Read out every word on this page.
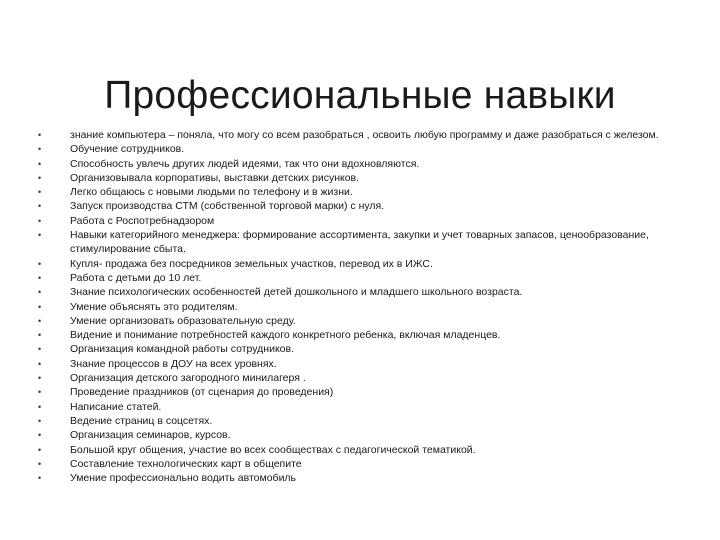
Профессиональные навыки
•	знание компьютера – поняла, что могу со всем разобраться , освоить любую программу и даже разобраться с железом.
•	Обучение сотрудников.
•	Способность увлечь других людей идеями, так что они вдохновляются.
•	Организовывала корпоративы, выставки детских рисунков.
•	Легко общаюсь с новыми людьми по телефону и в жизни.
•	Запуск производства СТМ (собственной торговой марки) с нуля.
•	Работа с Роспотребнадзором
•	Навыки категорийного менеджера: формирование ассортимента, закупки и учет товарных запасов, ценообразование, стимулирование сбыта.
•	Купля- продажа без посредников земельных участков, перевод их в ИЖС.
•	Работа с детьми до 10 лет.
•	Знание психологических особенностей детей дошкольного и младшего школьного возраста.
•	Умение объяснять это родителям.
•	Умение организовать образовательную среду.
•	Видение и понимание потребностей каждого конкретного ребенка, включая младенцев.
•	Организация командной работы сотрудников.
•	Знание процессов в ДОУ на всех уровнях.
•	Организация детского загородного минилагеря .
•	Проведение праздников (от сценария до проведения)
•	Написание статей.
•	Ведение страниц в соцсетях.
•	Организация семинаров, курсов.
•	Большой круг общения, участие во всех сообществах с педагогической тематикой.
•	Составление технологических карт в общепите
•	Умение профессионально водить автомобиль
